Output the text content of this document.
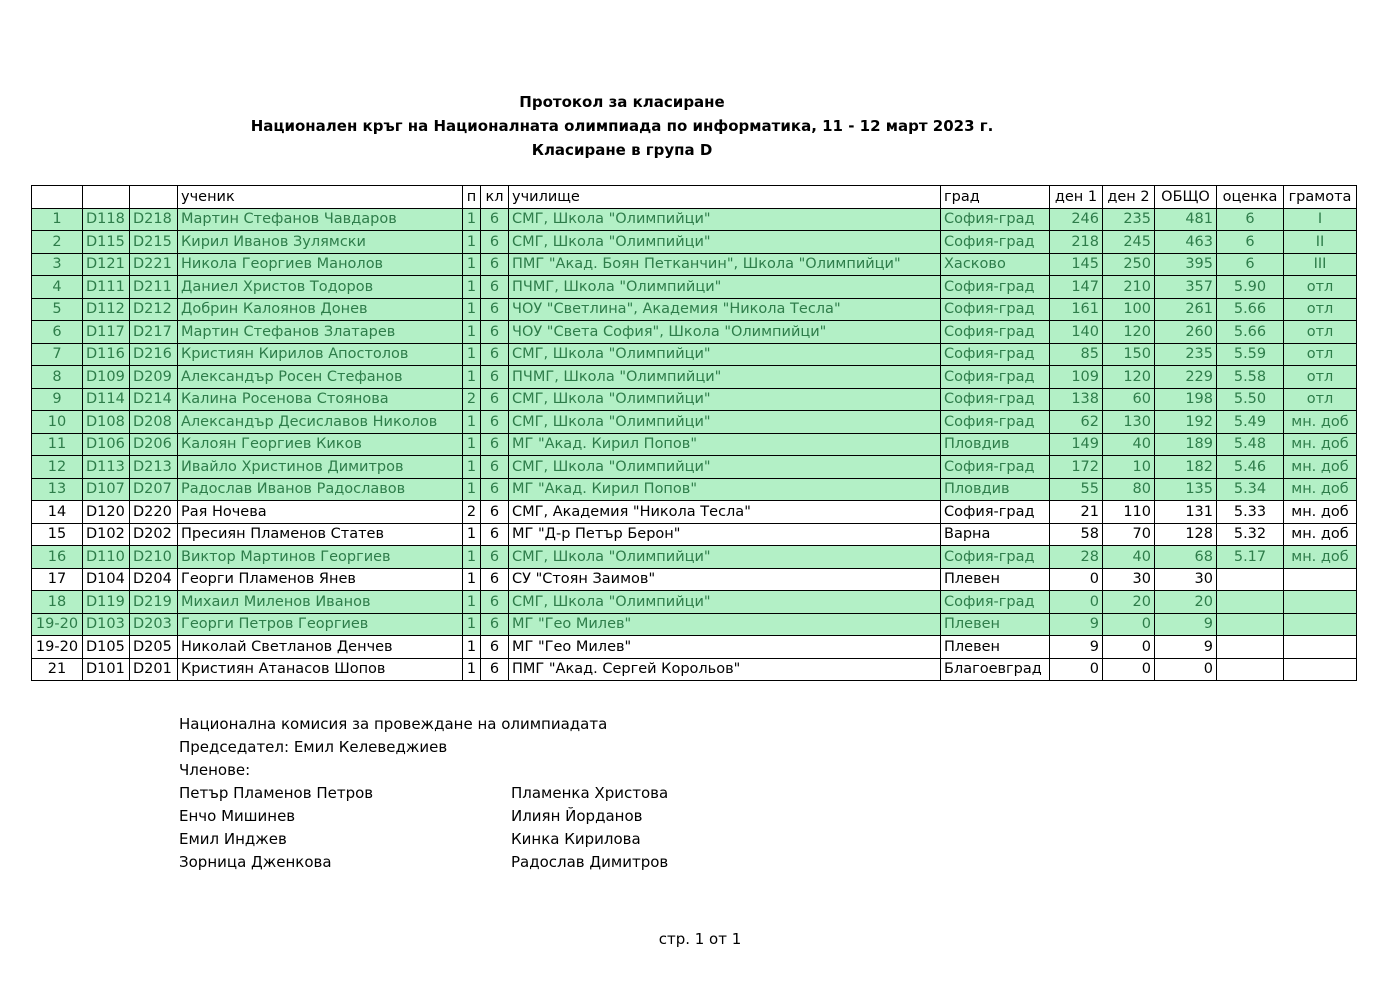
Протокол за класиране
Национален кръг на Националната олимпиада по информатика, 11 - 12 март 2023 г.
Класиране в група D
			ученик	п	кл	училище	град	ден 1	ден 2	ОБЩО	оценка	грамота
1	D118	D218	Мартин Стефанов Чавдаров	1	6	СМГ, Школа "Олимпийци"	София-град	246	235	481	6	I
2	D115	D215	Кирил Иванов Зулямски	1	6	СМГ, Школа "Олимпийци"	София-град	218	245	463	6	II
3	D121	D221	Никола Георгиев Манолов	1	6	ПМГ "Акад. Боян Петканчин", Школа "Олимпийци"	Хасково	145	250	395	6	III
4	D111	D211	Даниел Христов Тодоров	1	6	ПЧМГ, Школа "Олимпийци"	София-град	147	210	357	5.90	отл
5	D112	D212	Добрин Калоянов Донев	1	6	ЧОУ "Светлина", Академия "Никола Тесла"	София-град	161	100	261	5.66	отл
6	D117	D217	Мартин Стефанов Златарев	1	6	ЧОУ "Света София", Школа "Олимпийци"	София-град	140	120	260	5.66	отл
7	D116	D216	Кристиян Кирилов Апостолов	1	6	СМГ, Школа "Олимпийци"	София-град	85	150	235	5.59	отл
8	D109	D209	Александър Росен Стефанов	1	6	ПЧМГ, Школа "Олимпийци"	София-град	109	120	229	5.58	отл
9	D114	D214	Калина Росенова Стоянова	2	6	СМГ, Школа "Олимпийци"	София-град	138	60	198	5.50	отл
10	D108	D208	Александър Десиславов Николов	1	6	СМГ, Школа "Олимпийци"	София-град	62	130	192	5.49	мн. доб
11	D106	D206	Калоян Георгиев Киков	1	6	МГ "Акад. Кирил Попов"	Пловдив	149	40	189	5.48	мн. доб
12	D113	D213	Ивайло Христинов Димитров	1	6	СМГ, Школа "Олимпийци"	София-град	172	10	182	5.46	мн. доб
13	D107	D207	Радослав Иванов Радославов	1	6	МГ "Акад. Кирил Попов"	Пловдив	55	80	135	5.34	мн. доб
14	D120	D220	Рая Ночева	2	6	СМГ, Академия "Никола Тесла"	София-град	21	110	131	5.33	мн. доб
15	D102	D202	Пресиян Пламенов Статев	1	6	МГ "Д-р Петър Берон"	Варна	58	70	128	5.32	мн. доб
16	D110	D210	Виктор Мартинов Георгиев	1	6	СМГ, Школа "Олимпийци"	София-град	28	40	68	5.17	мн. доб
17	D104	D204	Георги Пламенов Янев	1	6	СУ "Стоян Заимов"	Плевен	0	30	30		
18	D119	D219	Михаил Миленов Иванов	1	6	СМГ, Школа "Олимпийци"	София-град	0	20	20		
19-20	D103	D203	Георги Петров Георгиев	1	6	МГ "Гео Милев"	Плевен	9	0	9		
19-20	D105	D205	Николай Светланов Денчев	1	6	МГ "Гео Милев"	Плевен	9	0	9		
21	D101	D201	Кристиян Атанасов Шопов	1	6	ПМГ "Акад. Сергей Корольов"	Благоевград	0	0	0		
Национална комисия за провеждане на олимпиадата
Председател: Емил Келеведжиев
Членове:
Петър Пламенов Петров
Енчо Мишинев
Емил Инджев
Зорница Дженкова
Пламенка Христова
Илиян Йорданов
Кинка Кирилова
Радослав Димитров
стр. 1 от 1
